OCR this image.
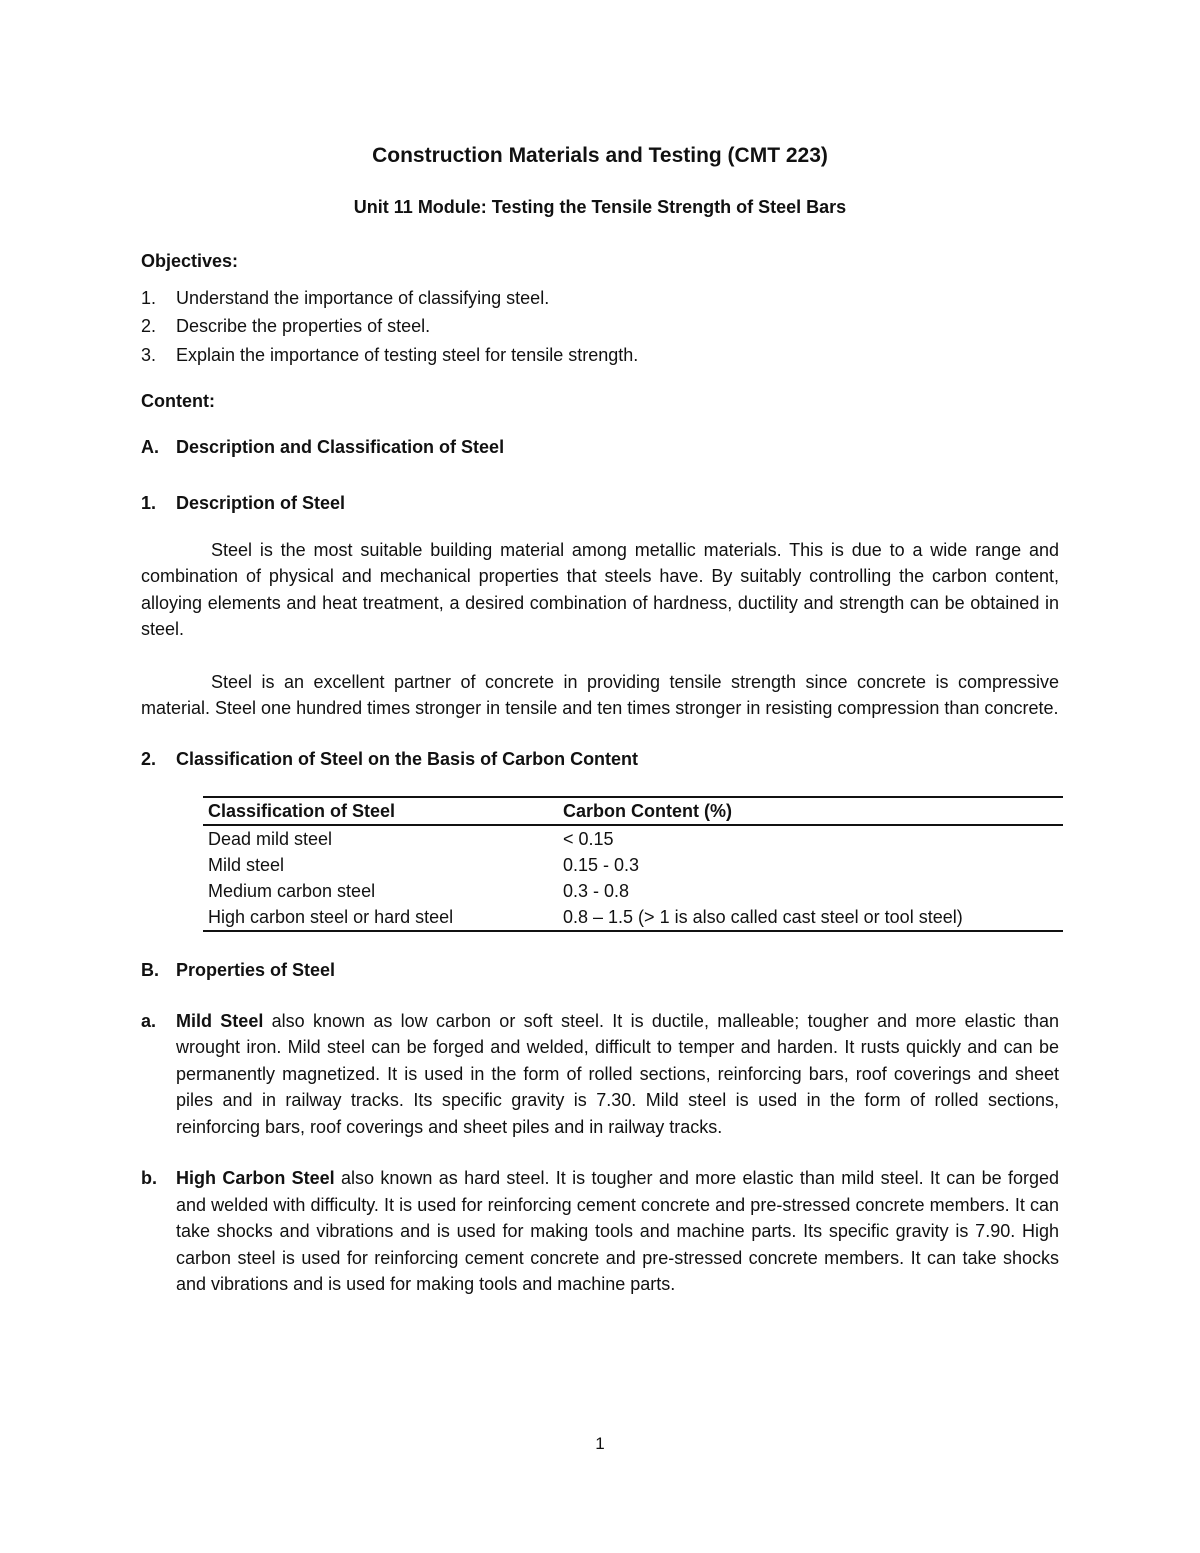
Construction Materials and Testing (CMT 223)
Unit 11 Module: Testing the Tensile Strength of Steel Bars

Objectives:

1.	Understand the importance of classifying steel.
2.	Describe the properties of steel.
3.	Explain the importance of testing steel for tensile strength.

Content:

A. Description and Classification of Steel
1.	Description of Steel

Steel is the most suitable building material among metallic materials. This is due to a wide range and combination of physical and mechanical properties that steels have. By suitably controlling the carbon content, alloying elements and heat treatment, a desired combination of hardness, ductility and strength can be obtained in steel.

Steel is an excellent partner of concrete in providing tensile strength since concrete is compressive material. Steel one hundred times stronger in tensile and ten times stronger in resisting compression than concrete.

2.	Classification of Steel on the Basis of Carbon Content
Classification of Steel	Carbon Content (%)
Dead mild steel	< 0.15
Mild steel	0.15 - 0.3
Medium carbon steel	0.3 - 0.8
High carbon steel or hard steel	0.8 – 1.5 (> 1 is also called cast steel or tool steel)
B. Properties of Steel
a.	Mild Steel also known as low carbon or soft steel. It is ductile, malleable; tougher and more elastic than wrought iron. Mild steel can be forged and welded, difficult to temper and harden. It rusts quickly and can be permanently magnetized. It is used in the form of rolled sections, reinforcing bars, roof coverings and sheet piles and in railway tracks. Its specific gravity is 7.30. Mild steel is used in the form of rolled sections, reinforcing bars, roof coverings and sheet piles and in railway tracks.

b.	High Carbon Steel also known as hard steel. It is tougher and more elastic than mild steel. It can be forged and welded with difficulty. It is used for reinforcing cement concrete and pre-stressed concrete members. It can take shocks and vibrations and is used for making tools and machine parts. Its specific gravity is 7.90. High carbon steel is used for reinforcing cement concrete and pre-stressed concrete members. It can take shocks and vibrations and is used for making tools and machine parts.

1
